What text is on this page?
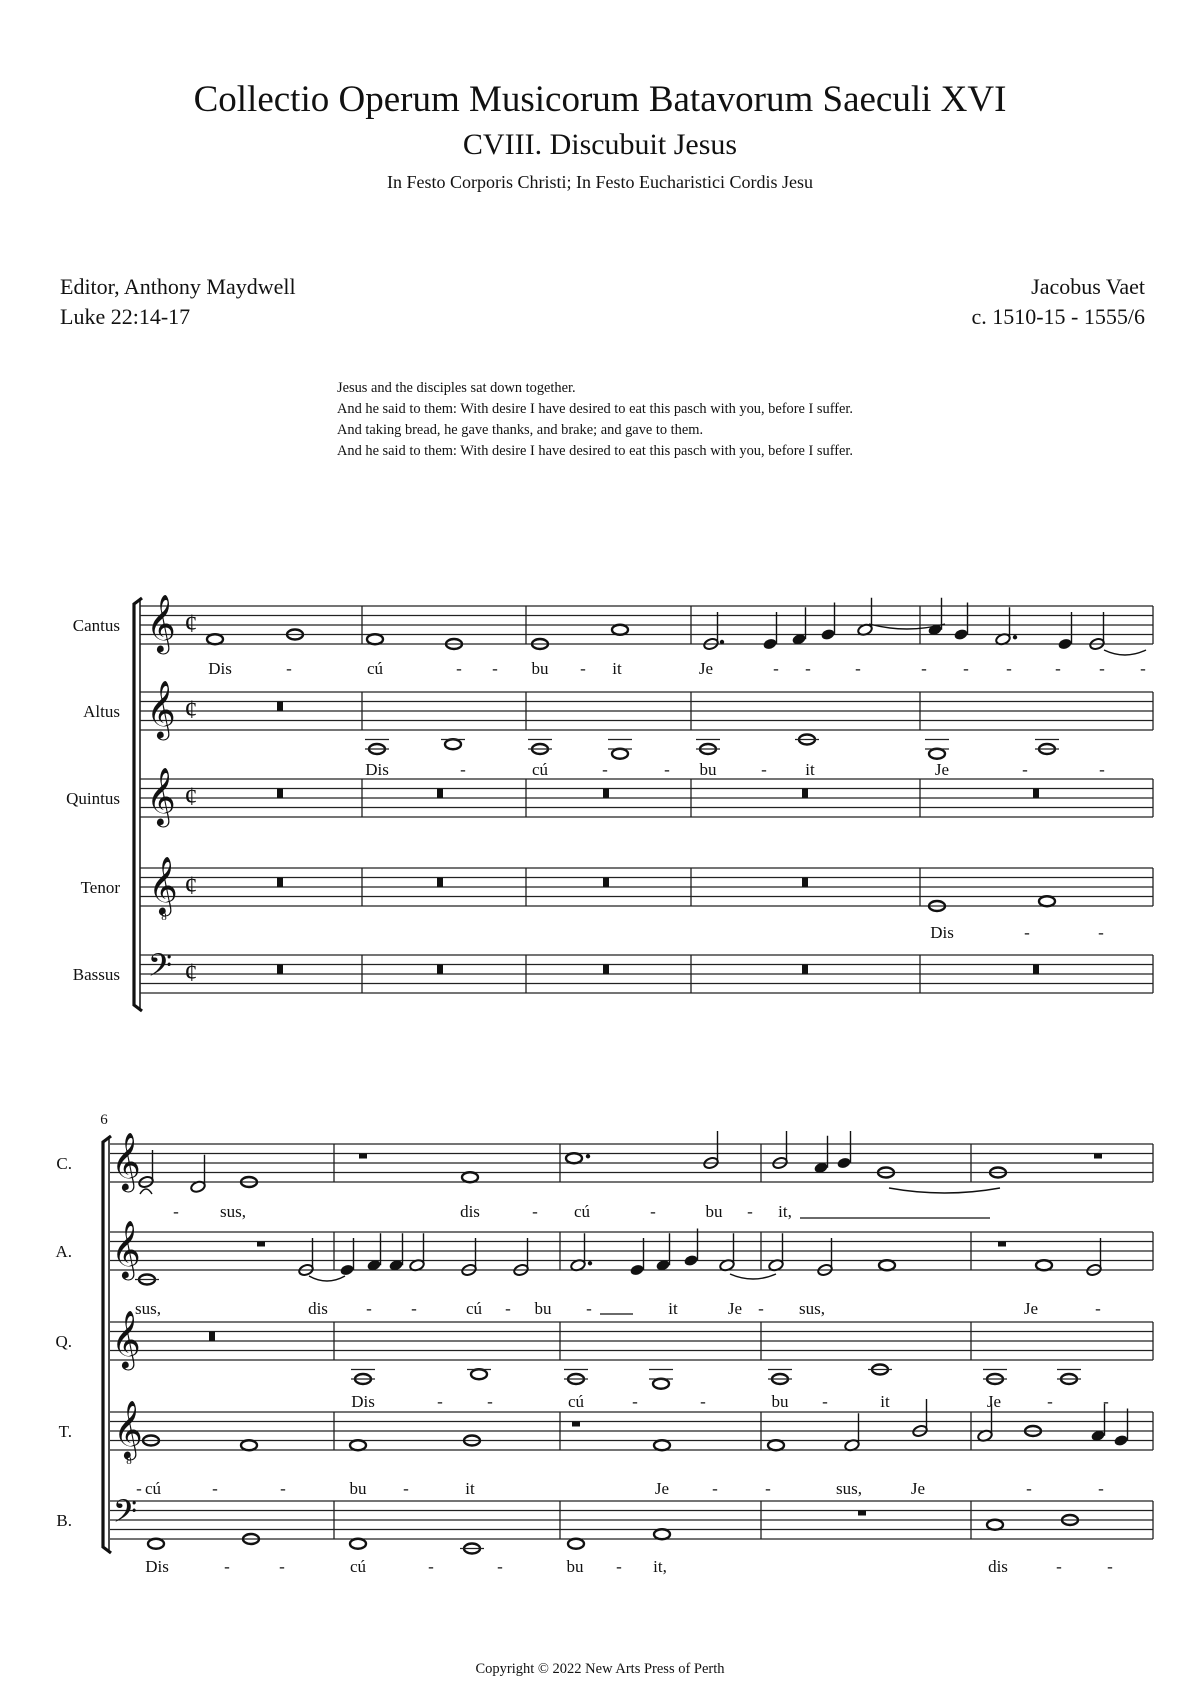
Collectio Operum Musicorum Batavorum Saeculi XVI
CVIII. Discubuit Jesus
In Festo Corporis Christi; In Festo Eucharistici Cordis Jesu
Editor, Anthony Maydwell
Luke 22:14-17
Jacobus Vaet
c. 1510-15 - 1555/6
Jesus and the disciples sat down together.
And he said to them: With desire I have desired to eat this pasch with you, before I suffer.
And taking bread, he gave thanks, and brake; and gave to them.
And he said to them: With desire I have desired to eat this pasch with you, before I suffer.
Cantus 𝄞 ¢
Altus 𝄞 ¢
Quintus 𝄞 ¢
Tenor 𝄞
8
¢
Bassus 𝄢 ¢
Dis	-	cú	- - bu - it	Je	- -	-	- - -	- - -
Dis	-	cú	-	- bu	- it	Je	-	-
Dis	-	-
6
C. 𝄞
A. 𝄞
Q. 𝄞
T. 𝄞
8
B. 𝄢
- sus,	dis	- cú	-	bu - it,
sus,	dis - -	cú - bu -	it	Je - sus,	Je	-
Dis	-	-	cú	-	-	bu -	it	Je	-	-
- cú	-	-	bu -	it	Je	-	-	sus,	Je	-	-
Dis	-	-	cú	-	-	bu - it,	dis	-	-
Copyright © 2022 New Arts Press of Perth
